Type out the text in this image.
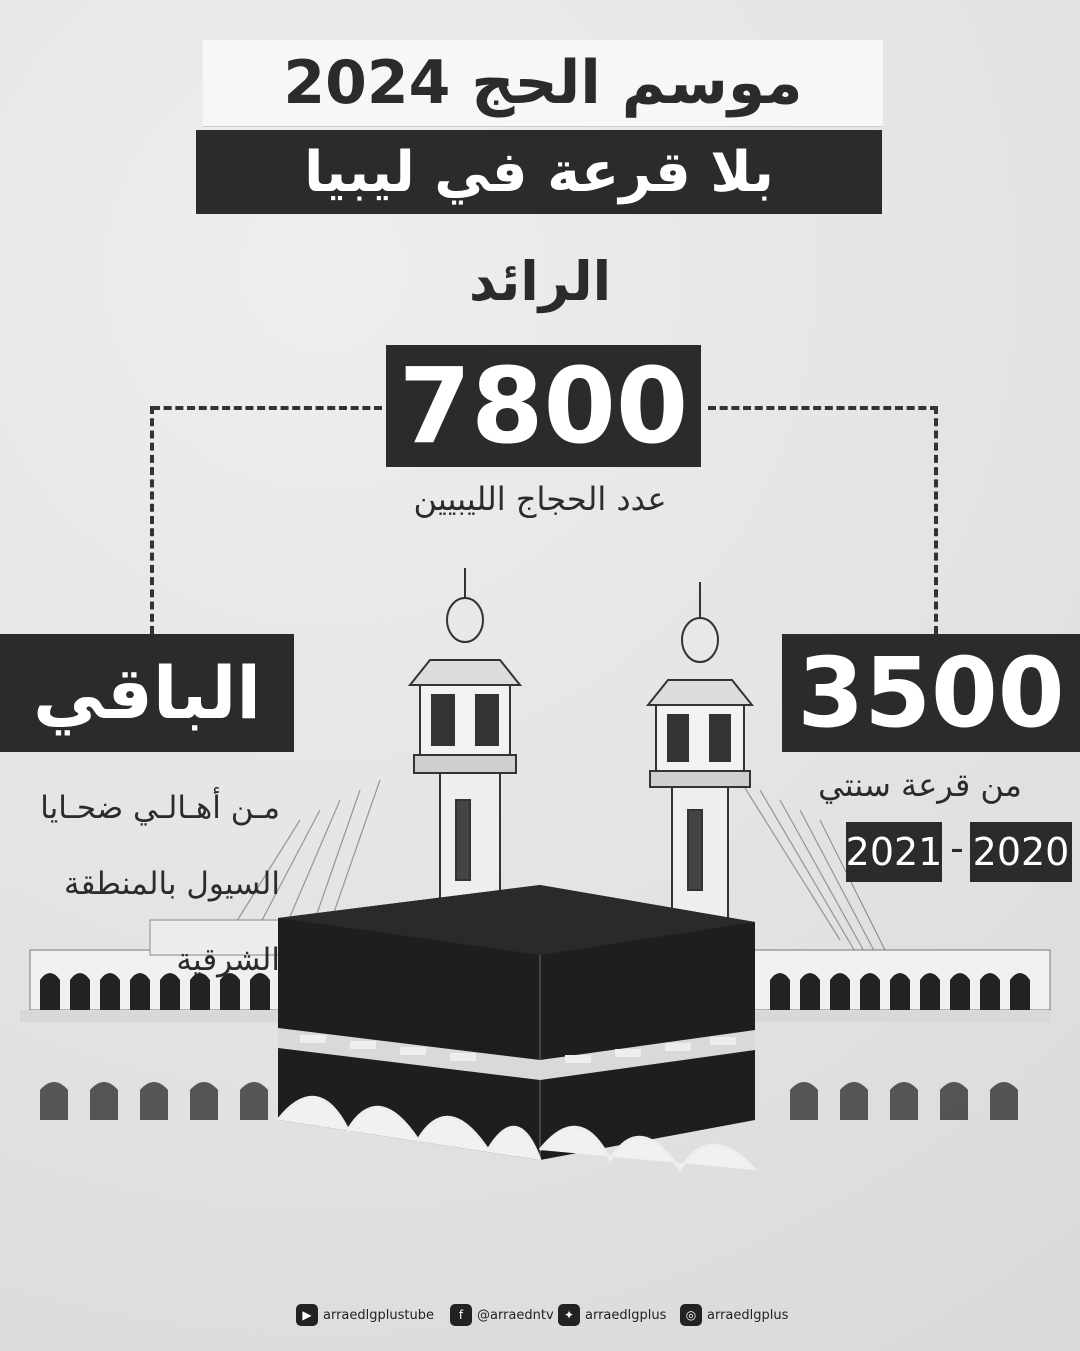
موسم الحج 2024
بلا قرعة في ليبيا
الرائد
7800
عدد الحجاج الليبيين
الباقي
مـن أهـالـي ضحـايا
السيول بالمنطقة
الشرقية
3500
من قرعة سنتي
2021 - 2020
▶ arraedlgplustube	f	@arraedntv ✦ arraedlgplus	◎ arraedlgplus
